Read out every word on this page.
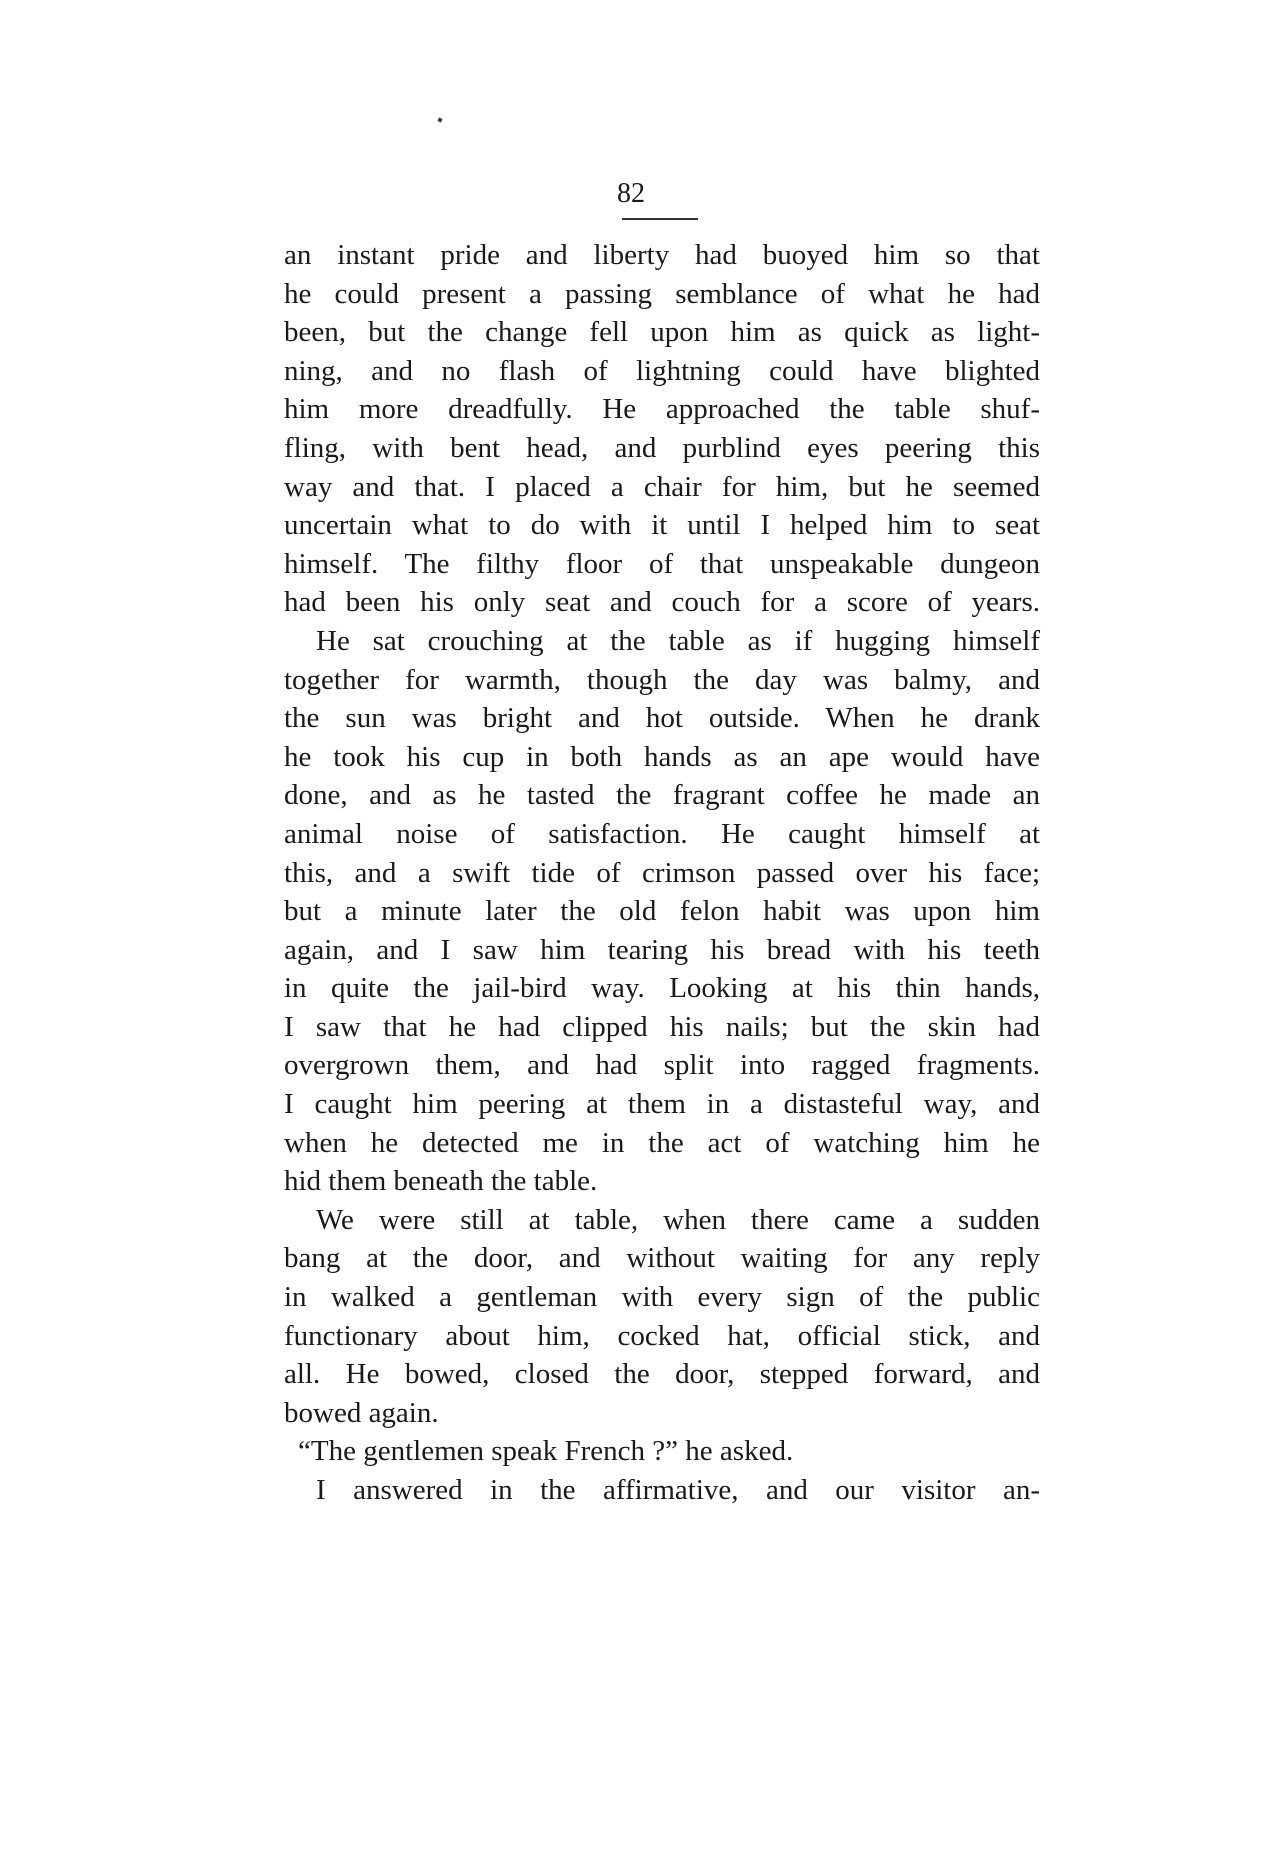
82
an instant pride and liberty had buoyed him so that
he could present a passing semblance of what he had
been, but the change fell upon him as quick as light-
ning, and no flash of lightning could have blighted
him more dreadfully. He approached the table shuf-
fling, with bent head, and purblind eyes peering this
way and that. I placed a chair for him, but he seemed
uncertain what to do with it until I helped him to seat
himself. The filthy floor of that unspeakable dungeon
had been his only seat and couch for a score of years.
He sat crouching at the table as if hugging himself
together for warmth, though the day was balmy, and
the sun was bright and hot outside. When he drank
he took his cup in both hands as an ape would have
done, and as he tasted the fragrant coffee he made an
animal noise of satisfaction. He caught himself at
this, and a swift tide of crimson passed over his face;
but a minute later the old felon habit was upon him
again, and I saw him tearing his bread with his teeth
in quite the jail-bird way. Looking at his thin hands,
I saw that he had clipped his nails; but the skin had
overgrown them, and had split into ragged fragments.
I caught him peering at them in a distasteful way, and
when he detected me in the act of watching him he
hid them beneath the table.
We were still at table, when there came a sudden
bang at the door, and without waiting for any reply
in walked a gentleman with every sign of the public
functionary about him, cocked hat, official stick, and
all. He bowed, closed the door, stepped forward, and
bowed again.
“The gentlemen speak French ?” he asked.
I answered in the affirmative, and our visitor an-
